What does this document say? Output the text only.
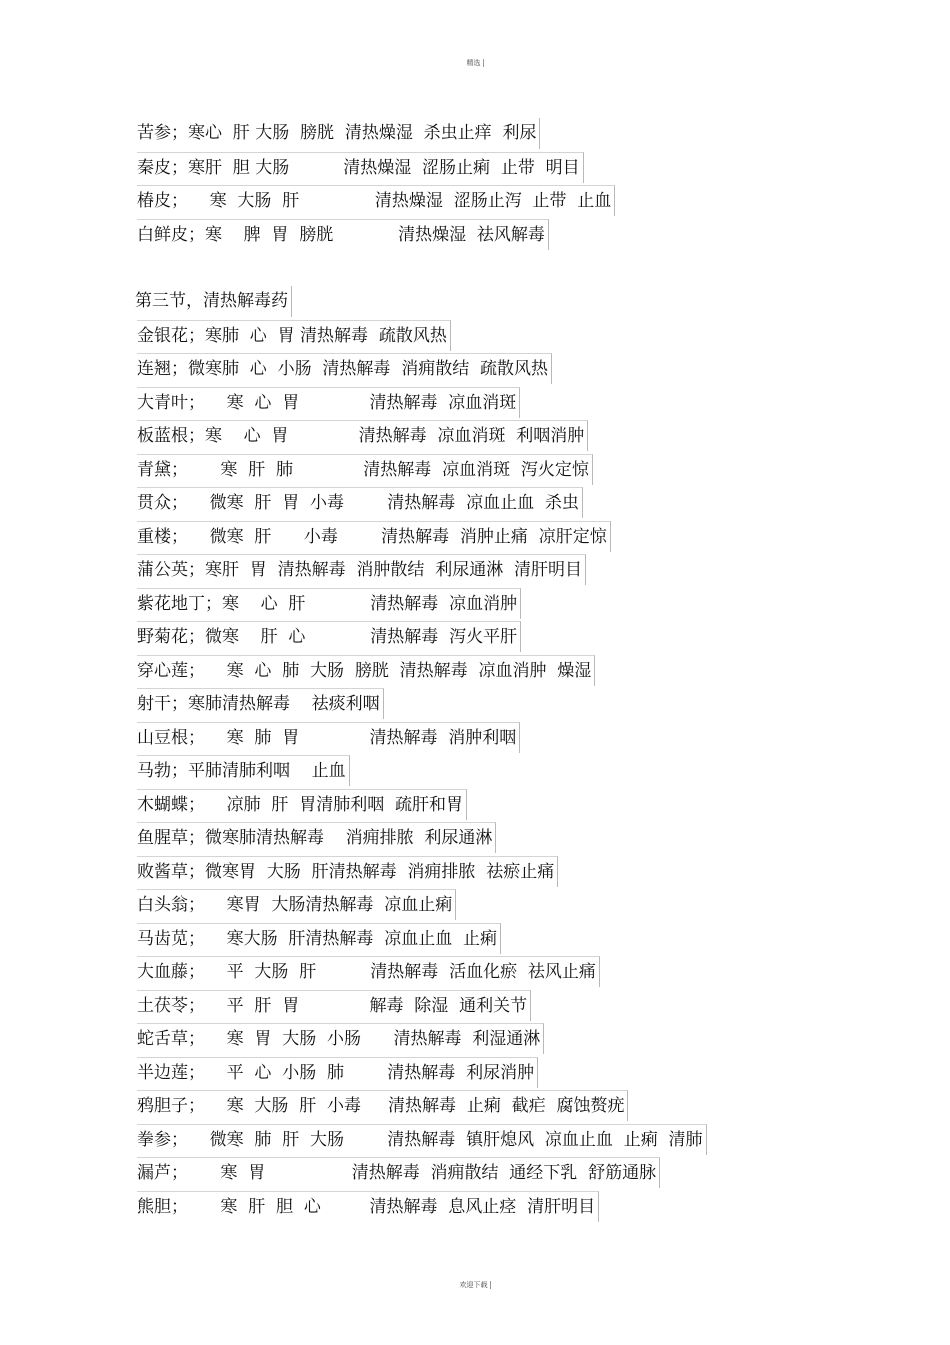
精选
苦参；寒心  肝 大肠  膀胱  清热燥湿  杀虫止痒  利尿
秦皮；寒肝  胆 大肠          清热燥湿  涩肠止痢  止带  明目
椿皮；    寒  大肠  肝              清热燥湿  涩肠止泻  止带  止血
白鲜皮；寒    脾  胃  膀胱            清热燥湿  祛风解毒
第三节，清热解毒药
金银花；寒肺  心  胃 清热解毒  疏散风热
连翘；微寒肺  心  小肠  清热解毒  消痈散结  疏散风热
大青叶；    寒  心  胃             清热解毒  凉血消斑
板蓝根；寒    心  胃             清热解毒  凉血消斑  利咽消肿
青黛；      寒  肝  肺             清热解毒  凉血消斑  泻火定惊
贯众；    微寒  肝  胃  小毒        清热解毒  凉血止血  杀虫
重楼；    微寒  肝      小毒        清热解毒  消肿止痛  凉肝定惊
蒲公英；寒肝  胃  清热解毒  消肿散结  利尿通淋  清肝明目
紫花地丁；寒    心  肝            清热解毒  凉血消肿
野菊花；微寒    肝  心            清热解毒  泻火平肝
穿心莲；    寒  心  肺  大肠  膀胱  清热解毒  凉血消肿  燥湿
射干；寒肺清热解毒    祛痰利咽
山豆根；    寒  肺  胃             清热解毒  消肿利咽
马勃；平肺清肺利咽    止血
木蝴蝶；    凉肺  肝  胃清肺利咽  疏肝和胃
鱼腥草；微寒肺清热解毒    消痈排脓  利尿通淋
败酱草；微寒胃  大肠  肝清热解毒  消痈排脓  祛瘀止痛
白头翁；    寒胃  大肠清热解毒  凉血止痢
马齿苋；    寒大肠  肝清热解毒  凉血止血  止痢
大血藤；    平  大肠  肝          清热解毒  活血化瘀  祛风止痛
土茯苓；    平  肝  胃             解毒  除湿  通利关节
蛇舌草；    寒  胃  大肠  小肠      清热解毒  利湿通淋
半边莲；    平  心  小肠  肺        清热解毒  利尿消肿
鸦胆子；    寒  大肠  肝  小毒     清热解毒  止痢  截疟  腐蚀赘疣
拳参；    微寒  肺  肝  大肠        清热解毒  镇肝熄风  凉血止血  止痢  清肺
漏芦；      寒  胃                清热解毒  消痈散结  通经下乳  舒筋通脉
熊胆；      寒  肝  胆  心         清热解毒  息风止痉  清肝明目
欢迎下载
